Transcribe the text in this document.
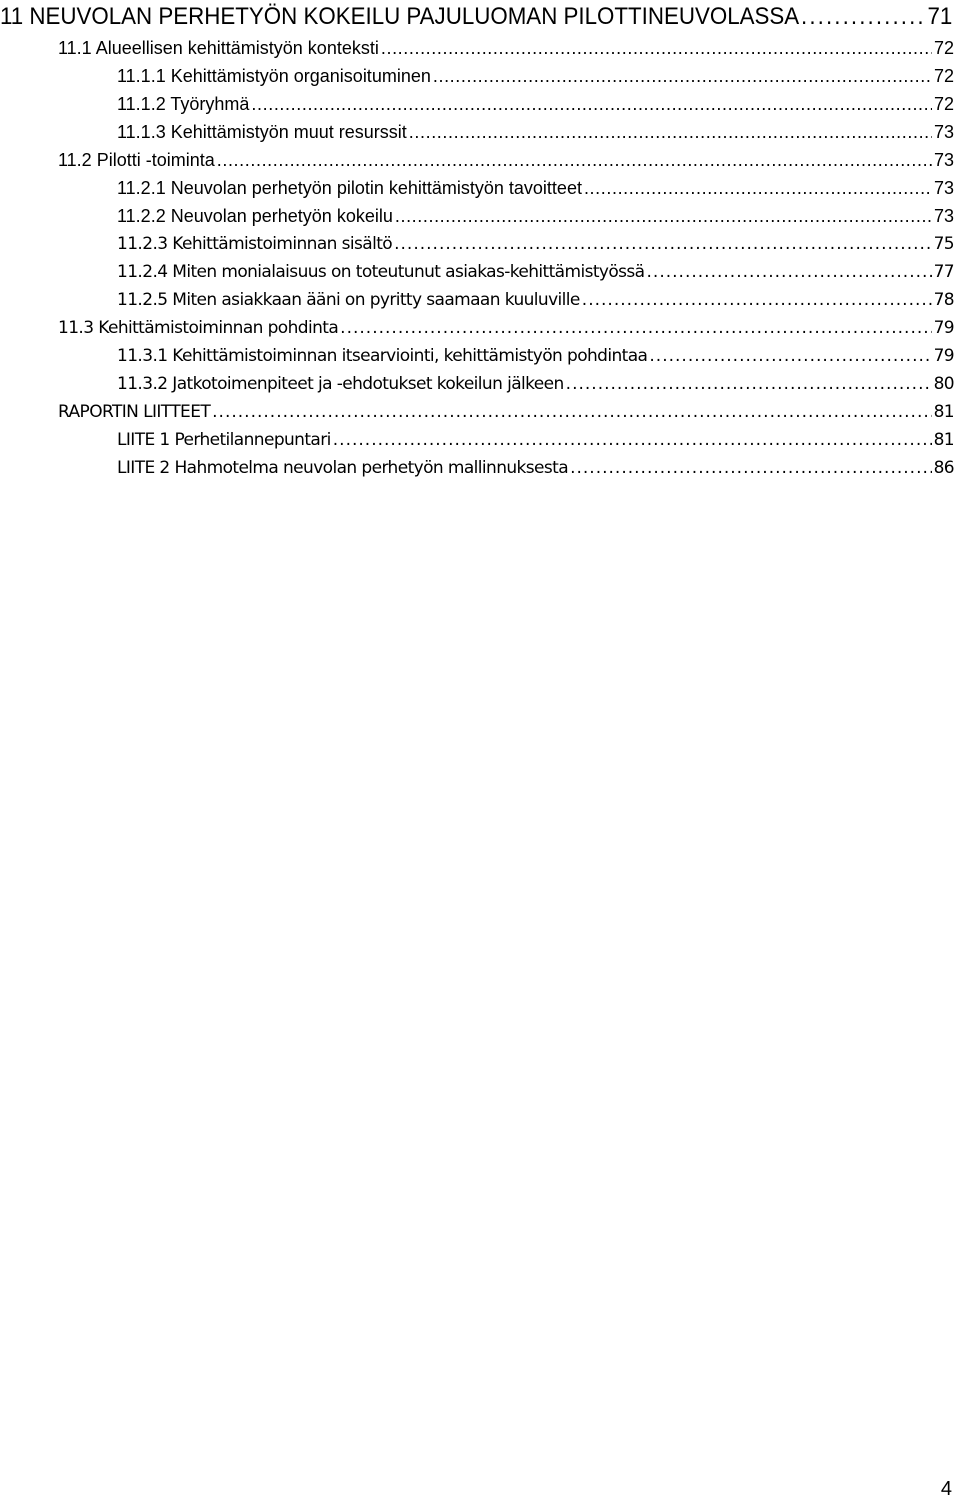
11 NEUVOLAN PERHETYÖN KOKEILU PAJULUOMAN PILOTTINEUVOLASSA . . .	71
11.1 Alueellisen kehittämistyön konteksti . . .	72
11.1.1 Kehittämistyön organisoituminen . . .	72
11.1.2 Työryhmä . . .	72
11.1.3 Kehittämistyön muut resurssit . . .	73
11.2 Pilotti -toiminta . . .	73
11.2.1 Neuvolan perhetyön pilotin kehittämistyön tavoitteet . . .	73
11.2.2 Neuvolan perhetyön kokeilu . . .	73
11.2.3 Kehittämistoiminnan sisältö . . .	75
11.2.4 Miten monialaisuus on toteutunut asiakas-kehittämistyössä . . .	77
11.2.5 Miten asiakkaan ääni on pyritty saamaan kuuluville . . .	78
11.3 Kehittämistoiminnan pohdinta . . .	79
11.3.1 Kehittämistoiminnan itsearviointi, kehittämistyön pohdintaa . . .	79
11.3.2 Jatkotoimenpiteet ja -ehdotukset kokeilun jälkeen . . .	80
RAPORTIN LIITTEET . . .	81
LIITE 1 Perhetilannepuntari . . .	81
LIITE 2 Hahmotelma neuvolan perhetyön mallinnuksesta . . .	86
4
